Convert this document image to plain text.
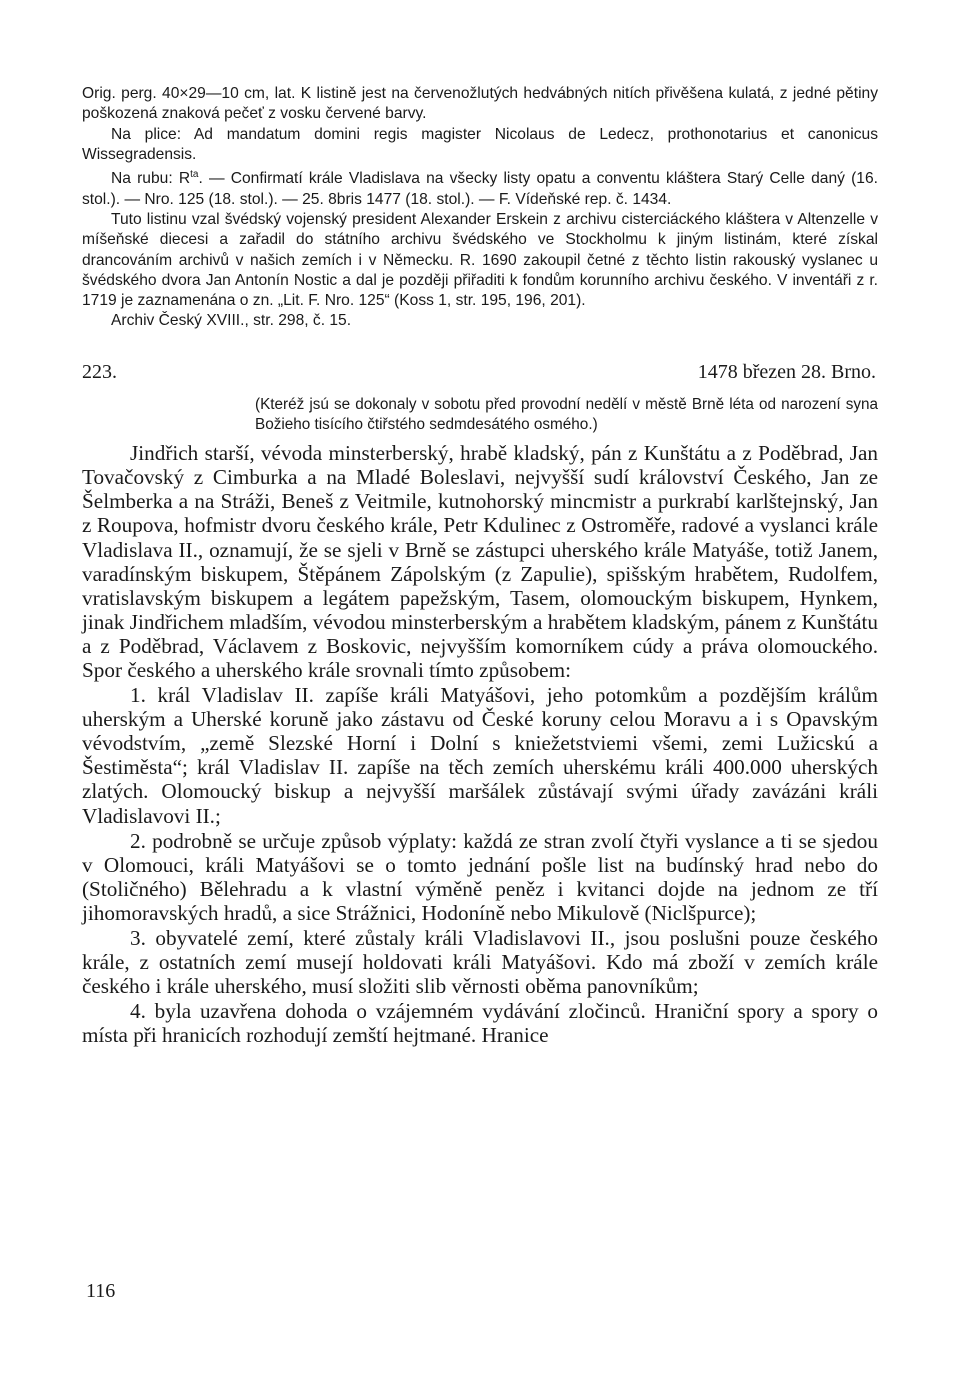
Orig. perg. 40×29—10 cm, lat. K listině jest na červenožlutých hedvábných nitích přivěšena kulatá, z jedné pětiny poškozená znaková pečeť z vosku červené barvy.

Na plice: Ad mandatum domini regis magister Nicolaus de Ledecz, prothonotarius et canonicus Wissegradensis.

Na rubu: $R^{ta}$. — Confirmatí krále Vladislava na všecky listy opatu a conventu kláštera Starý Celle daný (16. stol.). — Nro. 125 (18. stol.). — 25. 8bris 1477 (18. stol.). — F. Vídeňské rep. č. 1434.

Tuto listinu vzal švédský vojenský president Alexander Erskein z archivu cisterciáckého kláštera v Altenzelle v míšeňské diecesi a zařadil do státního archivu švédského ve Stockholmu k jiným listinám, které získal drancováním archivů v našich zemích i v Německu. R. 1690 zakoupil četné z těchto listin rakouský vyslanec u švédského dvora Jan Antonín Nostic a dal je později přiřaditi k fondům korunního archivu českého. V inventáři z r. 1719 je zaznamenána o zn. „Lit. F. Nro. 125“ (Koss 1, str. 195, 196, 201).

Archiv Český XVIII., str. 298, č. 15.

223.	1478 březen 28. Brno.
(Kteréž jsú se dokonaly v sobotu před provodní nedělí v městě Brně léta od narození syna Božieho tisícího čtiřstého sedmdesátého osmého.)

Jindřich starší, vévoda minsterberský, hrabě kladský, pán z Kunštátu a z Poděbrad, Jan Tovačovský z Cimburka a na Mladé Boleslavi, nejvyšší sudí království Českého, Jan ze Šelmberka a na Stráži, Beneš z Veitmile, kutnohorský mincmistr a purkrabí karlštejnský, Jan z Roupova, hofmistr dvoru českého krále, Petr Kdulinec z Ostroměře, radové a vyslanci krále Vladislava II., oznamují, že se sjeli v Brně se zástupci uherského krále Matyáše, totiž Janem, varadínským biskupem, Štěpánem Zápolským (z Zapulie), spišským hrabětem, Rudolfem, vratislavským biskupem a legátem papežským, Tasem, olomouckým biskupem, Hynkem, jinak Jindřichem mladším, vévodou minsterberským a hrabětem kladským, pánem z Kunštátu a z Poděbrad, Václavem z Boskovic, nejvyšším komorníkem cúdy a práva olomouckého. Spor českého a uherského krále srovnali tímto způsobem:

1. král Vladislav II. zapíše králi Matyášovi, jeho potomkům a pozdějším králům uherským a Uherské koruně jako zástavu od České koruny celou Moravu a i s Opavským vévodstvím, „země Slezské Horní i Dolní s kniežetstviemi všemi, zemi Lužicskú a Šestiměsta“; král Vladislav II. zapíše na těch zemích uherskému králi 400.000 uherských zlatých. Olomoucký biskup a nejvyšší maršálek zůstávají svými úřady zavázáni králi Vladislavovi II.;

2. podrobně se určuje způsob výplaty: každá ze stran zvolí čtyři vyslance a ti se sjedou v Olomouci, králi Matyášovi se o tomto jednání pošle list na budínský hrad nebo do (Stoličného) Bělehradu a k vlastní výměně peněz i kvitanci dojde na jednom ze tří jihomoravských hradů, a sice Strážnici, Hodoníně nebo Mikulově (Niclšpurce);

3. obyvatelé zemí, které zůstaly králi Vladislavovi II., jsou poslušni pouze českého krále, z ostatních zemí musejí holdovati králi Matyášovi. Kdo má zboží v zemích krále českého i krále uherského, musí složiti slib věrnosti oběma panovníkům;

4. byla uzavřena dohoda o vzájemném vydávání zločinců. Hraniční spory a spory o místa při hranicích rozhodují zemští hejtmané. Hranice

116
